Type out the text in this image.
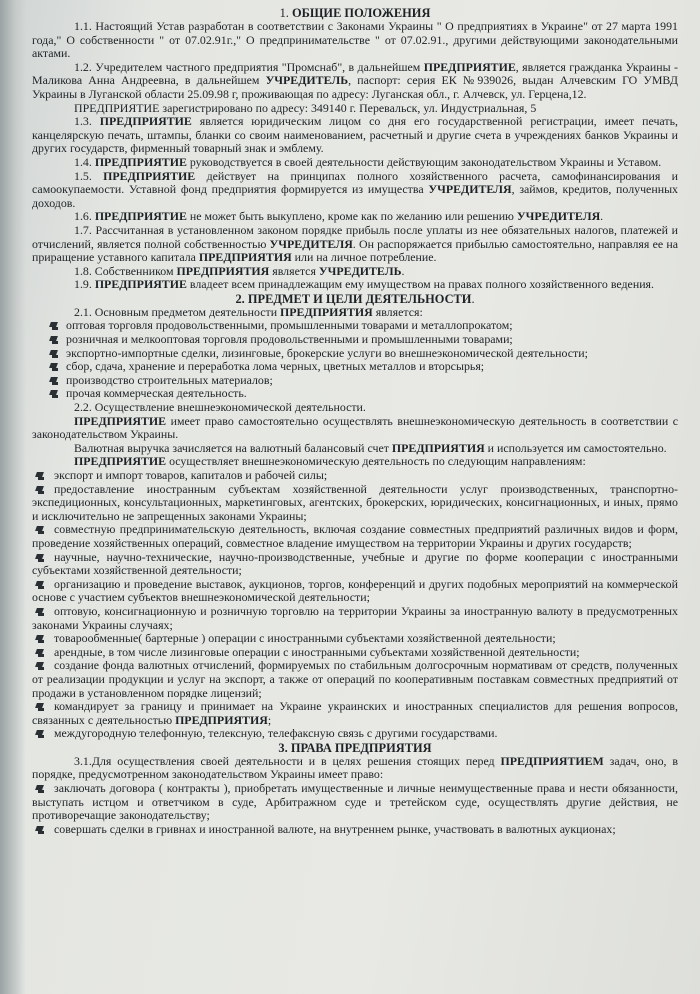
1. ОБЩИЕ ПОЛОЖЕНИЯ

1.1. Настоящий Устав разработан в соответствии с Законами Украины " О предприятиях в Украине" от 27 марта 1991 года," О собственности " от 07.02.91г.," О предпринимательстве " от 07.02.91., другими действующими законодательными актами.

1.2. Учредителем частного предприятия "Промснаб", в дальнейшем ПРЕДПРИЯТИЕ, является гражданка Украины - Маликова Анна Андреевна, в дальнейшем УЧРЕДИТЕЛЬ, паспорт: серия ЕК №939026, выдан Алчевским ГО УМВД Украины в Луганской области 25.09.98 г, проживающая по адресу: Луганская обл., г. Алчевск, ул. Герцена,12.

ПРЕДПРИЯТИЕ зарегистрировано по адресу: 349140 г. Перевальск, ул. Индустриальная, 5

1.3. ПРЕДПРИЯТИЕ является юридическим лицом со дня его государственной регистрации, имеет печать, канцелярскую печать, штампы, бланки со своим наименованием, расчетный и другие счета в учреждениях банков Украины и других государств, фирменный товарный знак и эмблему.

1.4. ПРЕДПРИЯТИЕ руководствуется в своей деятельности действующим законодательством Украины и Уставом.

1.5. ПРЕДПРИЯТИЕ действует на принципах полного хозяйственного расчета, самофинансирования и самоокупаемости. Уставной фонд предприятия формируется из имущества УЧРЕДИТЕЛЯ, займов, кредитов, полученных доходов.

1.6. ПРЕДПРИЯТИЕ не может быть выкуплено, кроме как по желанию или решению УЧРЕДИТЕЛЯ.

1.7. Рассчитанная в установленном законом порядке прибыль после уплаты из нее обязательных налогов, платежей и отчислений, является полной собственностью УЧРЕДИТЕЛЯ. Он распоряжается прибылью самостоятельно, направляя ее на приращение уставного капитала ПРЕДПРИЯТИЯ или на личное потребление.

1.8. Собственником ПРЕДПРИЯТИЯ является УЧРЕДИТЕЛЬ.

1.9. ПРЕДПРИЯТИЕ владеет всем принадлежащим ему имуществом на правах полного хозяйственного ведения.

2. ПРЕДМЕТ И ЦЕЛИ ДЕЯТЕЛЬНОСТИ.

2.1. Основным предметом деятельности ПРЕДПРИЯТИЯ является:

оптовая торговля продовольственными, промышленными товарами и металлопрокатом;
розничная и мелкооптовая торговля продовольственными и промышленными товарами;
экспортно-импортные сделки, лизинговые, брокерские услуги во внешнеэкономической деятельности;
сбор, сдача, хранение и переработка лома черных, цветных металлов и вторсырья;
производство строительных материалов;
прочая коммерческая деятельность.

2.2. Осуществление внешнеэкономической деятельности.

ПРЕДПРИЯТИЕ имеет право самостоятельно осуществлять внешнеэкономическую деятельность в соответствии с законодательством Украины.

Валютная выручка зачисляется на валютный балансовый счет ПРЕДПРИЯТИЯ и используется им самостоятельно.

ПРЕДПРИЯТИЕ осуществляет внешнеэкономическую деятельность по следующим направлениям:

экспорт и импорт товаров, капиталов и рабочей силы;
предоставление иностранным субъектам хозяйственной деятельности услуг производственных, транспортно-экспедиционных, консультационных, маркетинговых, агентских, брокерских, юридических, консигнационных, и иных, прямо и исключительно не запрещенных законами Украины;
совместную предпринимательскую деятельность, включая создание совместных предприятий различных видов и форм, проведение хозяйственных операций, совместное владение имуществом на территории Украины и других государств;
научные, научно-технические, научно-производственные, учебные и другие по форме кооперации с иностранными субъектами хозяйственной деятельности;
организацию и проведение выставок, аукционов, торгов, конференций и других подобных мероприятий на коммерческой основе с участием субъектов внешнеэкономической деятельности;
оптовую, консигнационную и розничную торговлю на территории Украины за иностранную валюту в предусмотренных законами Украины случаях;
товарообменные( бартерные ) операции с иностранными субъектами хозяйственной деятельности;
арендные, в том числе лизинговые операции с иностранными субъектами хозяйственной деятельности;
создание фонда валютных отчислений, формируемых по стабильным долгосрочным нормативам от средств, полученных от реализации продукции и услуг на экспорт, а также от операций по кооперативным поставкам совместных предприятий от продажи в установленном порядке лицензий;
командирует за границу и принимает на Украине украинских и иностранных специалистов для решения вопросов, связанных с деятельностью ПРЕДПРИЯТИЯ;
междугородную телефонную, телексную, телефаксную связь с другими государствами.
3. ПРАВА ПРЕДПРИЯТИЯ

3.1.Для осуществления своей деятельности и в целях решения стоящих перед ПРЕДПРИЯТИЕМ задач, оно, в порядке, предусмотренном законодательством Украины имеет право:

заключать договора ( контракты ), приобретать имущественные и личные неимущественные права и нести обязанности, выступать истцом и ответчиком в суде, Арбитражном суде и третейском суде, осуществлять другие действия, не противоречащие законодательству;
совершать сделки в гривнах и иностранной валюте, на внутреннем рынке, участвовать в валютных аукционах;
